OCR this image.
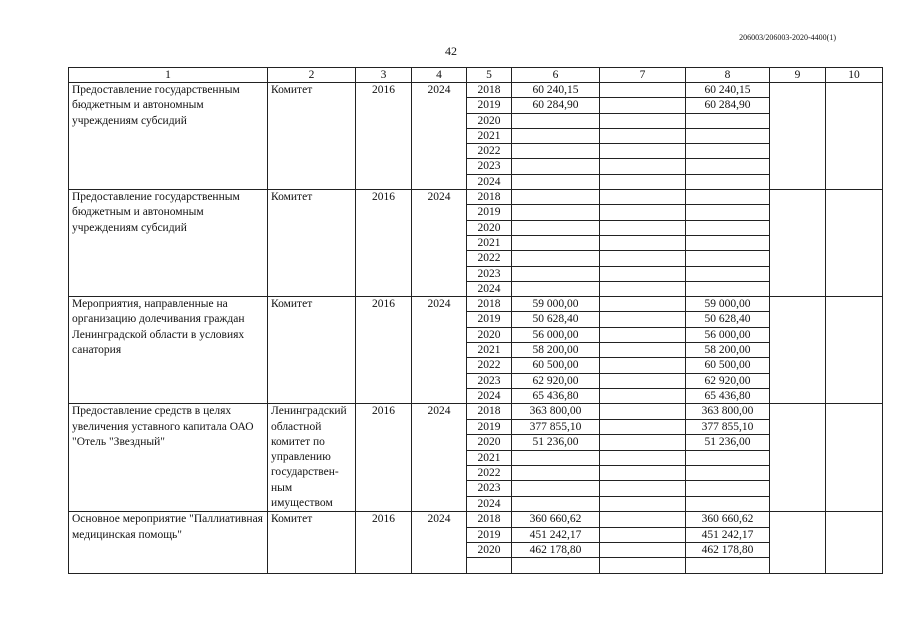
206003/206003-2020-4400(1)
42
1	2	3	4	5	6	7	8	9	10
Предоставление государственным бюджетным и автономным учреждениям субсидий	Комитет	2016	2024	2018	60 240,15		60 240,15		
				2019	60 284,90		60 284,90		
				2020					
				2021					
				2022					
				2023					
				2024					
Предоставление государственным бюджетным и автономным учреждениям субсидий	Комитет	2016	2024	2018					
				2019					
				2020					
				2021					
				2022					
				2023					
				2024					
Мероприятия, направленные на организацию долечивания граждан Ленинградской области в условиях санатория	Комитет	2016	2024	2018	59 000,00		59 000,00		
				2019	50 628,40		50 628,40		
				2020	56 000,00		56 000,00		
				2021	58 200,00		58 200,00		
				2022	60 500,00		60 500,00		
				2023	62 920,00		62 920,00		
				2024	65 436,80		65 436,80		
Предоставление средств в целях увеличения уставного капитала ОАО "Отель "Звездный"	Ленинградский областной комитет по управлению государствен-ным имуществом	2016	2024	2018	363 800,00		363 800,00		
				2019	377 855,10		377 855,10		
				2020	51 236,00		51 236,00		
				2021					
				2022					
				2023					
				2024					
Основное мероприятие "Паллиативная медицинская помощь"	Комитет	2016	2024	2018	360 660,62		360 660,62		
				2019	451 242,17		451 242,17		
				2020	462 178,80		462 178,80		
